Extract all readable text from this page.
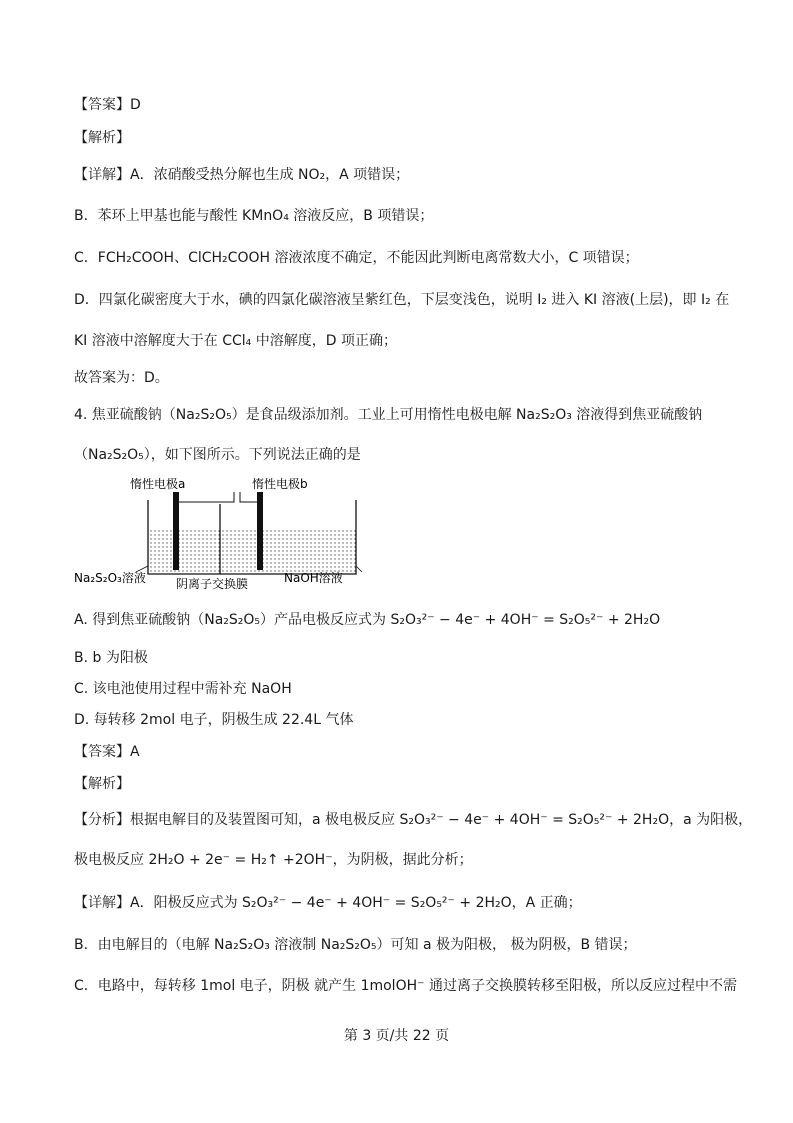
【答案】D
【解析】
【详解】A．浓硝酸受热分解也生成 NO₂，A 项错误；
B．苯环上甲基也能与酸性 KMnO₄ 溶液反应，B 项错误；
C．FCH₂COOH、ClCH₂COOH 溶液浓度不确定，不能因此判断电离常数大小，C 项错误；
D．四氯化碳密度大于水，碘的四氯化碳溶液呈紫红色，下层变浅色，说明 I₂ 进入 KI 溶液(上层)，即 I₂ 在
KI 溶液中溶解度大于在 CCl₄ 中溶解度，D 项正确；
故答案为：D。
4. 焦亚硫酸钠（Na₂S₂O₅）是食品级添加剂。工业上可用惰性电极电解 Na₂S₂O₃ 溶液得到焦亚硫酸钠
（Na₂S₂O₅），如下图所示。下列说法正确的是
惰性电极a	惰性电极b
Na₂S₂O₃溶液	阴离子交换膜	NaOH溶液
A. 得到焦亚硫酸钠（Na₂S₂O₅）产品电极反应式为 S₂O₃²⁻ − 4e⁻ + 4OH⁻ = S₂O₅²⁻ + 2H₂O
B. b 为阳极
C. 该电池使用过程中需补充 NaOH
D. 每转移 2mol 电子，阴极生成 22.4L 气体
【答案】A
【解析】
【分析】根据电解目的及装置图可知，a 极电极反应 S₂O₃²⁻ − 4e⁻ + 4OH⁻ = S₂O₅²⁻ + 2H₂O，a 为阳极，
极电极反应 2H₂O + 2e⁻ = H₂↑ +2OH⁻，为阴极，据此分析；
【详解】A．阳极反应式为 S₂O₃²⁻ − 4e⁻ + 4OH⁻ = S₂O₅²⁻ + 2H₂O，A 正确；
B．由电解目的（电解 Na₂S₂O₃ 溶液制 Na₂S₂O₅）可知 a 极为阳极， 极为阴极，B 错误；
C．电路中，每转移 1mol 电子，阴极 就产生 1molOH⁻ 通过离子交换膜转移至阳极，所以反应过程中不需
第 3 页/共 22 页
